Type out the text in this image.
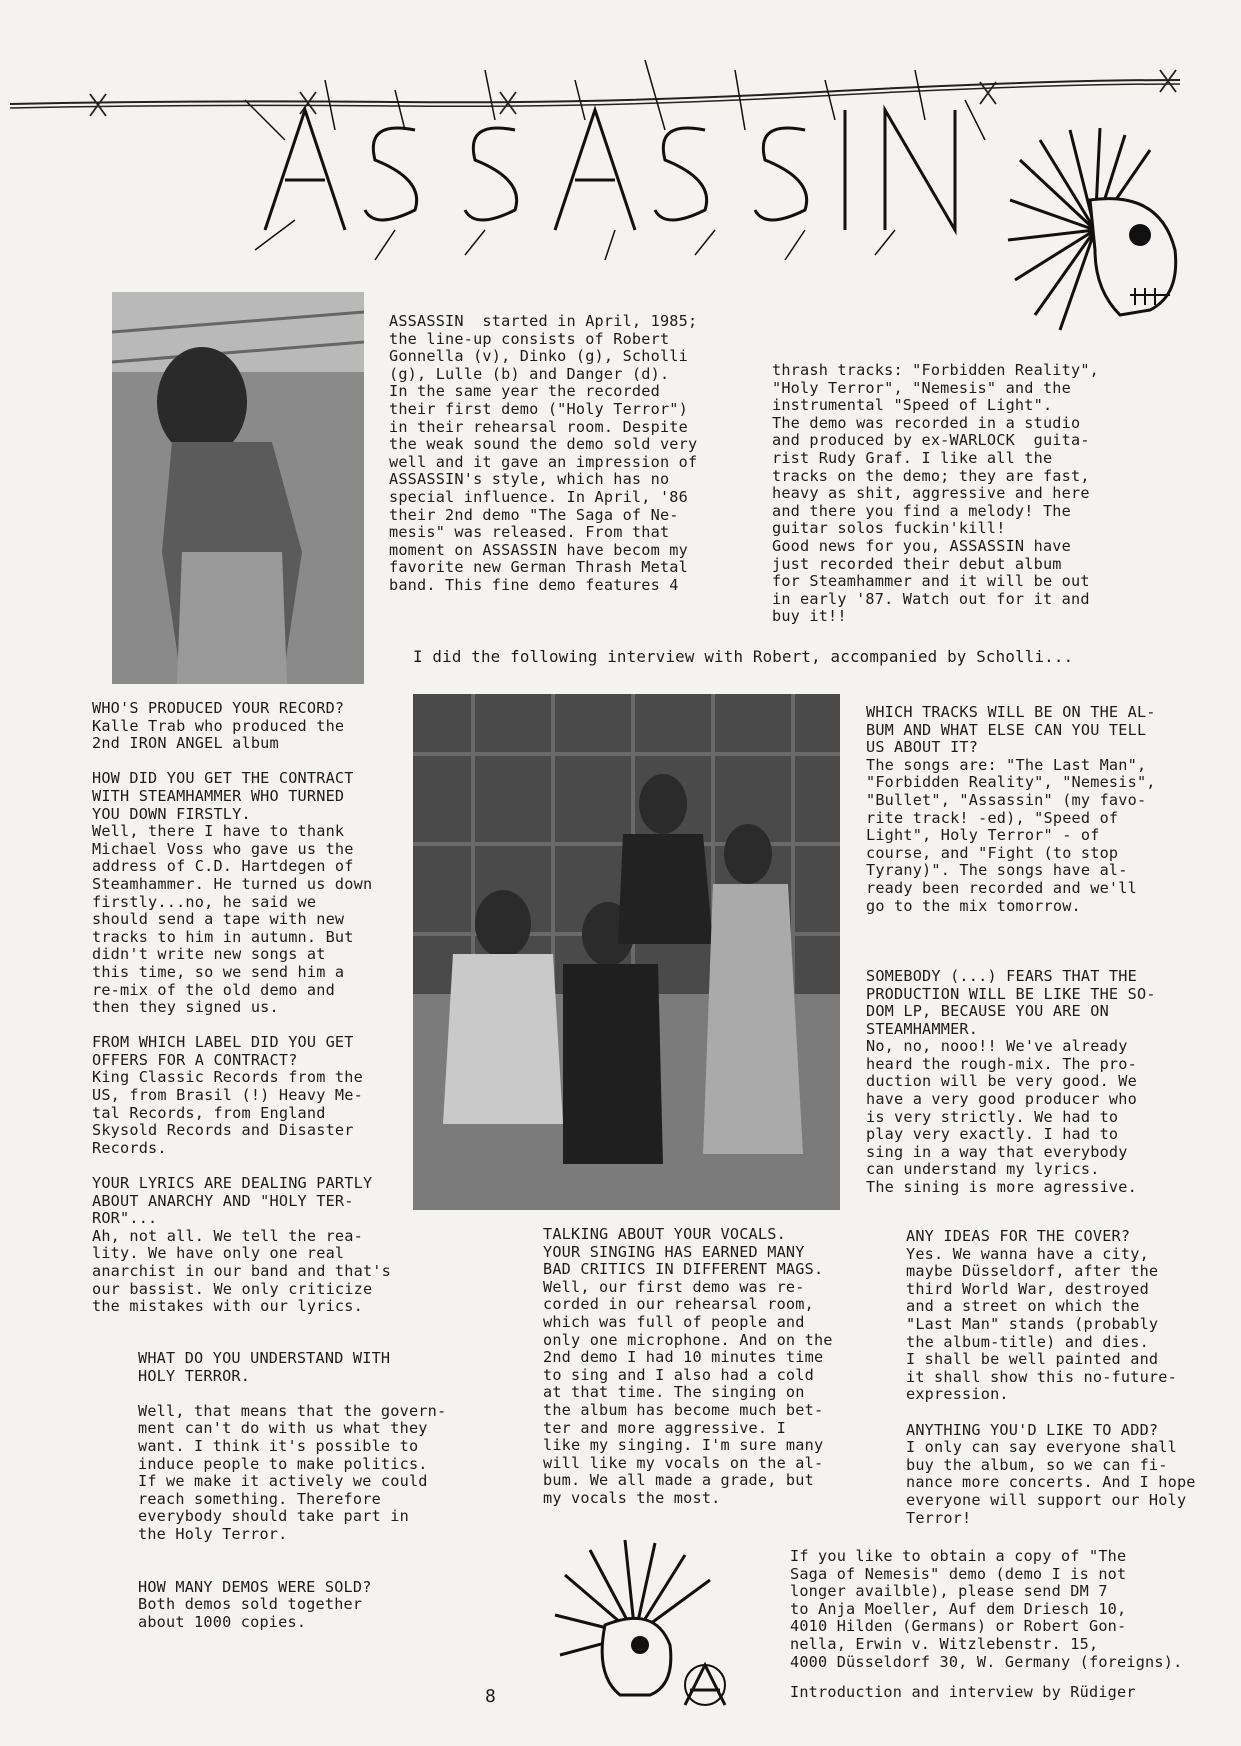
ASSASSIN  started in April, 1985;
the line-up consists of Robert
Gonnella (v), Dinko (g), Scholli
(g), Lulle (b) and Danger (d).
In the same year the recorded
their first demo ("Holy Terror")
in their rehearsal room. Despite
the weak sound the demo sold very
well and it gave an impression of
ASSASSIN's style, which has no
special influence. In April, '86
their 2nd demo "The Saga of Ne-
mesis" was released. From that
moment on ASSASSIN have becom my
favorite new German Thrash Metal
band. This fine demo features 4
thrash tracks: "Forbidden Reality",
"Holy Terror", "Nemesis" and the
instrumental "Speed of Light".
The demo was recorded in a studio
and produced by ex-WARLOCK  guita-
rist Rudy Graf. I like all the
tracks on the demo; they are fast,
heavy as shit, aggressive and here
and there you find a melody! The
guitar solos fuckin'kill!
Good news for you, ASSASSIN have
just recorded their debut album
for Steamhammer and it will be out
in early '87. Watch out for it and
buy it!!
I did the following interview with Robert, accompanied by Scholli...
WHO'S PRODUCED YOUR RECORD?
Kalle Trab who produced the
2nd IRON ANGEL album

HOW DID YOU GET THE CONTRACT
WITH STEAMHAMMER WHO TURNED
YOU DOWN FIRSTLY.
Well, there I have to thank
Michael Voss who gave us the
address of C.D. Hartdegen of
Steamhammer. He turned us down
firstly...no, he said we
should send a tape with new
tracks to him in autumn. But
didn't write new songs at
this time, so we send him a
re-mix of the old demo and
then they signed us.

FROM WHICH LABEL DID YOU GET
OFFERS FOR A CONTRACT?
King Classic Records from the
US, from Brasil (!) Heavy Me-
tal Records, from England
Skysold Records and Disaster
Records.

YOUR LYRICS ARE DEALING PARTLY
ABOUT ANARCHY AND "HOLY TER-
ROR"...
Ah, not all. We tell the rea-
lity. We have only one real
anarchist in our band and that's
our bassist. We only criticize
the mistakes with our lyrics.
WHAT DO YOU UNDERSTAND WITH
HOLY TERROR.

Well, that means that the govern-
ment can't do with us what they
want. I think it's possible to
induce people to make politics.
If we make it actively we could
reach something. Therefore
everybody should take part in
the Holy Terror.

HOW MANY DEMOS WERE SOLD?
Both demos sold together
about 1000 copies.
WHICH TRACKS WILL BE ON THE AL-
BUM AND WHAT ELSE CAN YOU TELL
US ABOUT IT?
The songs are: "The Last Man",
"Forbidden Reality", "Nemesis",
"Bullet", "Assassin" (my favo-
rite track! -ed), "Speed of
Light", Holy Terror" - of
course, and "Fight (to stop
Tyrany)". The songs have al-
ready been recorded and we'll
go to the mix tomorrow.

SOMEBODY (...) FEARS THAT THE
PRODUCTION WILL BE LIKE THE SO-
DOM LP, BECAUSE YOU ARE ON
STEAMHAMMER.
No, no, nooo!! We've already
heard the rough-mix. The pro-
duction will be very good. We
have a very good producer who
is very strictly. We had to
play very exactly. I had to
sing in a way that everybody
can understand my lyrics.
The sining is more agressive.
TALKING ABOUT YOUR VOCALS.
YOUR SINGING HAS EARNED MANY
BAD CRITICS IN DIFFERENT MAGS.
Well, our first demo was re-
corded in our rehearsal room,
which was full of people and
only one microphone. And on the
2nd demo I had 10 minutes time
to sing and I also had a cold
at that time. The singing on
the album has become much bet-
ter and more aggressive. I
like my singing. I'm sure many
will like my vocals on the al-
bum. We all made a grade, but
my vocals the most.
ANY IDEAS FOR THE COVER?
Yes. We wanna have a city,
maybe Düsseldorf, after the
third World War, destroyed
and a street on which the
"Last Man" stands (probably
the album-title) and dies.
I shall be well painted and
it shall show this no-future-
expression.

ANYTHING YOU'D LIKE TO ADD?
I only can say everyone shall
buy the album, so we can fi-
nance more concerts. And I hope
everyone will support our Holy
Terror!
If you like to obtain a copy of "The
Saga of Nemesis" demo (demo I is not
longer availble), please send DM 7
to Anja Moeller, Auf dem Driesch 10,
4010 Hilden (Germans) or Robert Gon-
nella, Erwin v. Witzlebenstr. 15,
4000 Düsseldorf 30, W. Germany (foreigns).
Introduction and interview by Rüdiger
8
